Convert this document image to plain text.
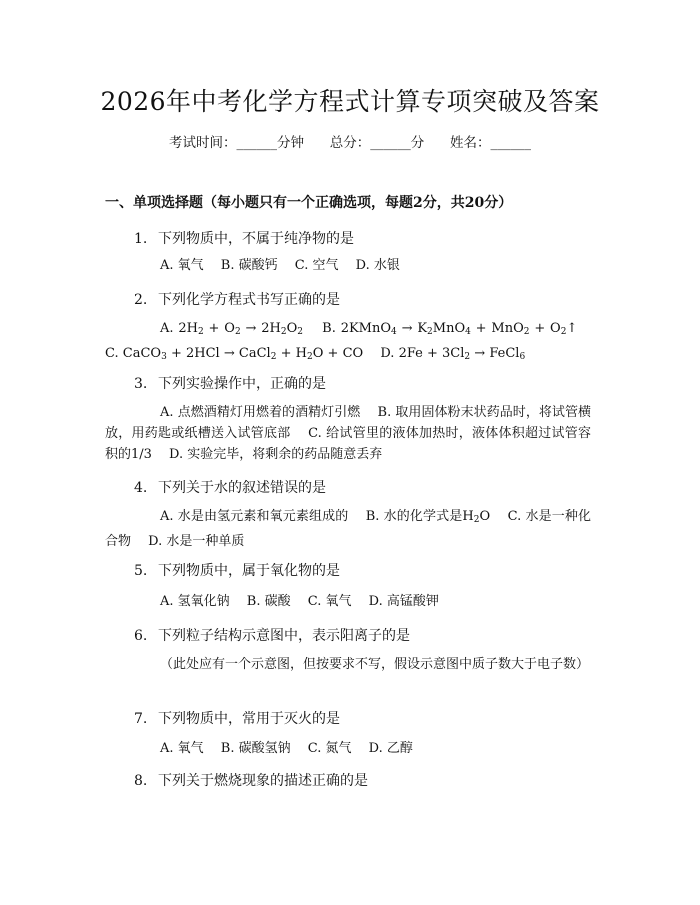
2026年中考化学方程式计算专项突破及答案
考试时间：______分钟 总分：______分 姓名：______
一、单项选择题（每小题只有一个正确选项，每题2分，共20分）
1. 下列物质中，不属于纯净物的是
A. 氧气　 B. 碳酸钙　 C. 空气　 D. 水银
2. 下列化学方程式书写正确的是
A. $2H_2 + O_2 \to 2H_2O_2$　 B. 2KMnO$_4$ → $K_2MnO_4 + MnO_2$ + $O_2↑$　 C. CaCO$_3$ + 2HCl → CaCl$_2$ + $H_2O$ + CO　 D. $2Fe + 3Cl_2$ → FeCl$_6$
3. 下列实验操作中，正确的是
A. 点燃酒精灯用燃着的酒精灯引燃　 B. 取用固体粉末状药品时，将试管横放，用药匙或纸槽送入试管底部　 C. 给试管里的液体加热时，液体体积超过试管容积的1/3　 D. 实验完毕，将剩余的药品随意丢弃
4. 下列关于水的叙述错误的是
A. 水是由氢元素和氧元素组成的　 B. 水的化学式是$H_2O$　 C. 水是一种化合物　 D. 水是一种单质
5. 下列物质中，属于氧化物的是
A. 氢氧化钠　 B. 碳酸　 C. 氧气　 D. 高锰酸钾
6. 下列粒子结构示意图中，表示阳离子的是
（此处应有一个示意图，但按要求不写，假设示意图中质子数大于电子数）
7. 下列物质中，常用于灭火的是
A. 氧气　 B. 碳酸氢钠　 C. 氮气　 D. 乙醇
8. 下列关于燃烧现象的描述正确的是
